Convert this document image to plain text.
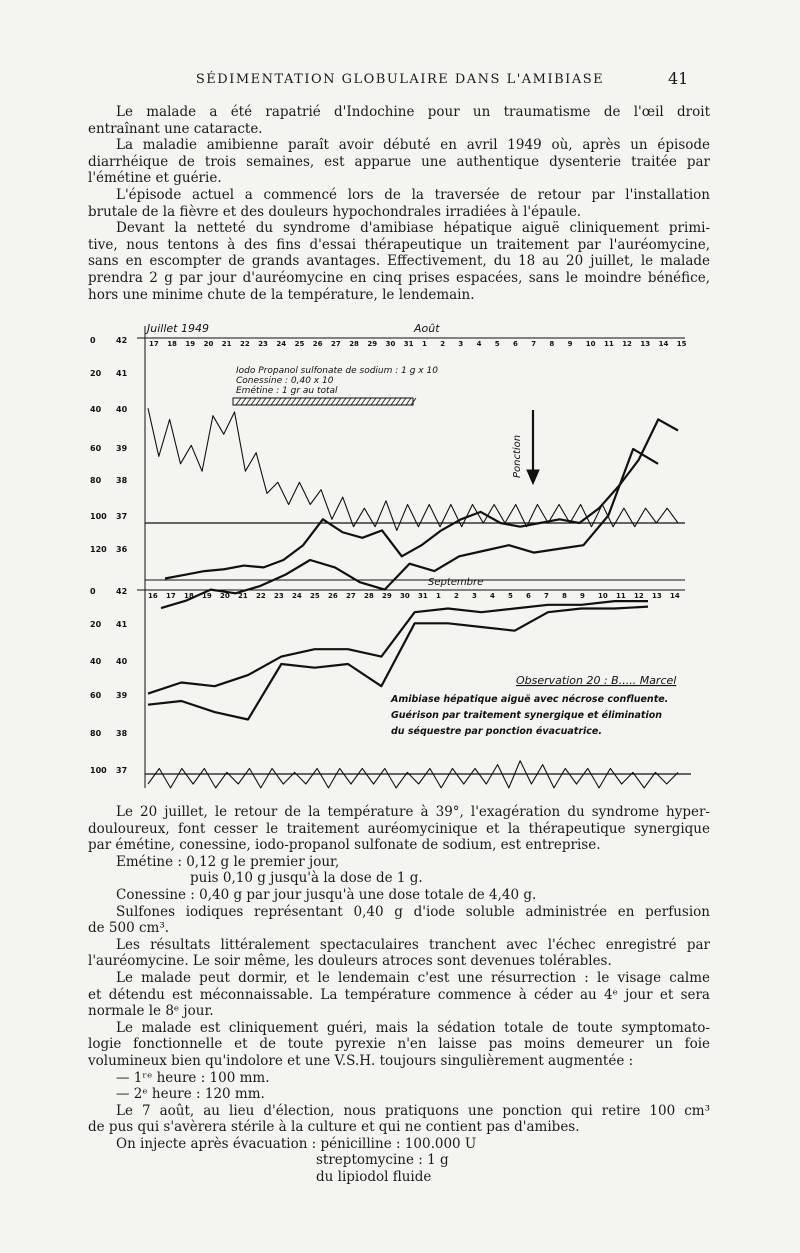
SÉDIMENTATION GLOBULAIRE DANS L'AMIBIASE	41
Le malade a été rapatrié d'Indochine pour un traumatisme de l'œil droit
entraînant une cataracte.
La maladie amibienne paraît avoir débuté en avril 1949 où, après un épisode
diarrhéique de trois semaines, est apparue une authentique dysenterie traitée par
l'émétine et guérie.
L'épisode actuel a commencé lors de la traversée de retour par l'installation
brutale de la fièvre et des douleurs hypochondrales irradiées à l'épaule.
Devant la netteté du syndrome d'amibiase hépatique aiguë cliniquement primi-
tive, nous tentons à des fins d'essai thérapeutique un traitement par l'auréomycine,
sans en escompter de grands avantages. Effectivement, du 18 au 20 juillet, le malade
prendra 2 g par jour d'auréomycine en cinq prises espacées, sans le moindre bénéfice,
hors une minime chute de la température, le lendemain.
Juillet 1949	Août
17 18 19 20 21 22 23 24 25 26 27 28 29 30 31 1 2 3 4 5 6 7 8 9 10 11 12 13 14 15
0
20
40
60
80
100
120
42
41
40
39
38
37
36
Iodo Propanol sulfonate de sodium : 1 g x 10
Conessine : 0,40 x 10
Emétine : 1 gr au total
Ponction
Septembre
16 17 18 19 20 21 22 23 24 25 26 27 28 29 30 31 1 2 3 4 5 6 7 8 9 10 11 12 13 14
0
20
40
60
80
100
42
41
40
39
38
37
Observation 20 : B..... Marcel
Amibiase hépatique aiguë avec nécrose confluente.
Guérison par traitement synergique et élimination
du séquestre par ponction évacuatrice.
Le 20 juillet, le retour de la température à 39°, l'exagération du syndrome hyper-
douloureux, font cesser le traitement auréomycinique et la thérapeutique synergique
par émétine, conessine, iodo-propanol sulfonate de sodium, est entreprise.
Emétine : 0,12 g le premier jour,
puis 0,10 g jusqu'à la dose de 1 g.
Conessine : 0,40 g par jour jusqu'à une dose totale de 4,40 g.
Sulfones iodiques représentant 0,40 g d'iode soluble administrée en perfusion
de 500 cm³.
Les résultats littéralement spectaculaires tranchent avec l'échec enregistré par
l'auréomycine. Le soir même, les douleurs atroces sont devenues tolérables.
Le malade peut dormir, et le lendemain c'est une résurrection : le visage calme
et détendu est méconnaissable. La température commence à céder au 4ᵉ jour et sera
normale le 8ᵉ jour.
Le malade est cliniquement guéri, mais la sédation totale de toute symptomato-
logie fonctionnelle et de toute pyrexie n'en laisse pas moins demeurer un foie
volumineux bien qu'indolore et une V.S.H. toujours singulièrement augmentée :
— 1ʳᵉ heure : 100 mm.
— 2ᵉ heure : 120 mm.
Le 7 août, au lieu d'élection, nous pratiquons une ponction qui retire 100 cm³
de pus qui s'avèrera stérile à la culture et qui ne contient pas d'amibes.
On injecte après évacuation : pénicilline : 100.000 U
streptomycine : 1 g
du lipiodol fluide
